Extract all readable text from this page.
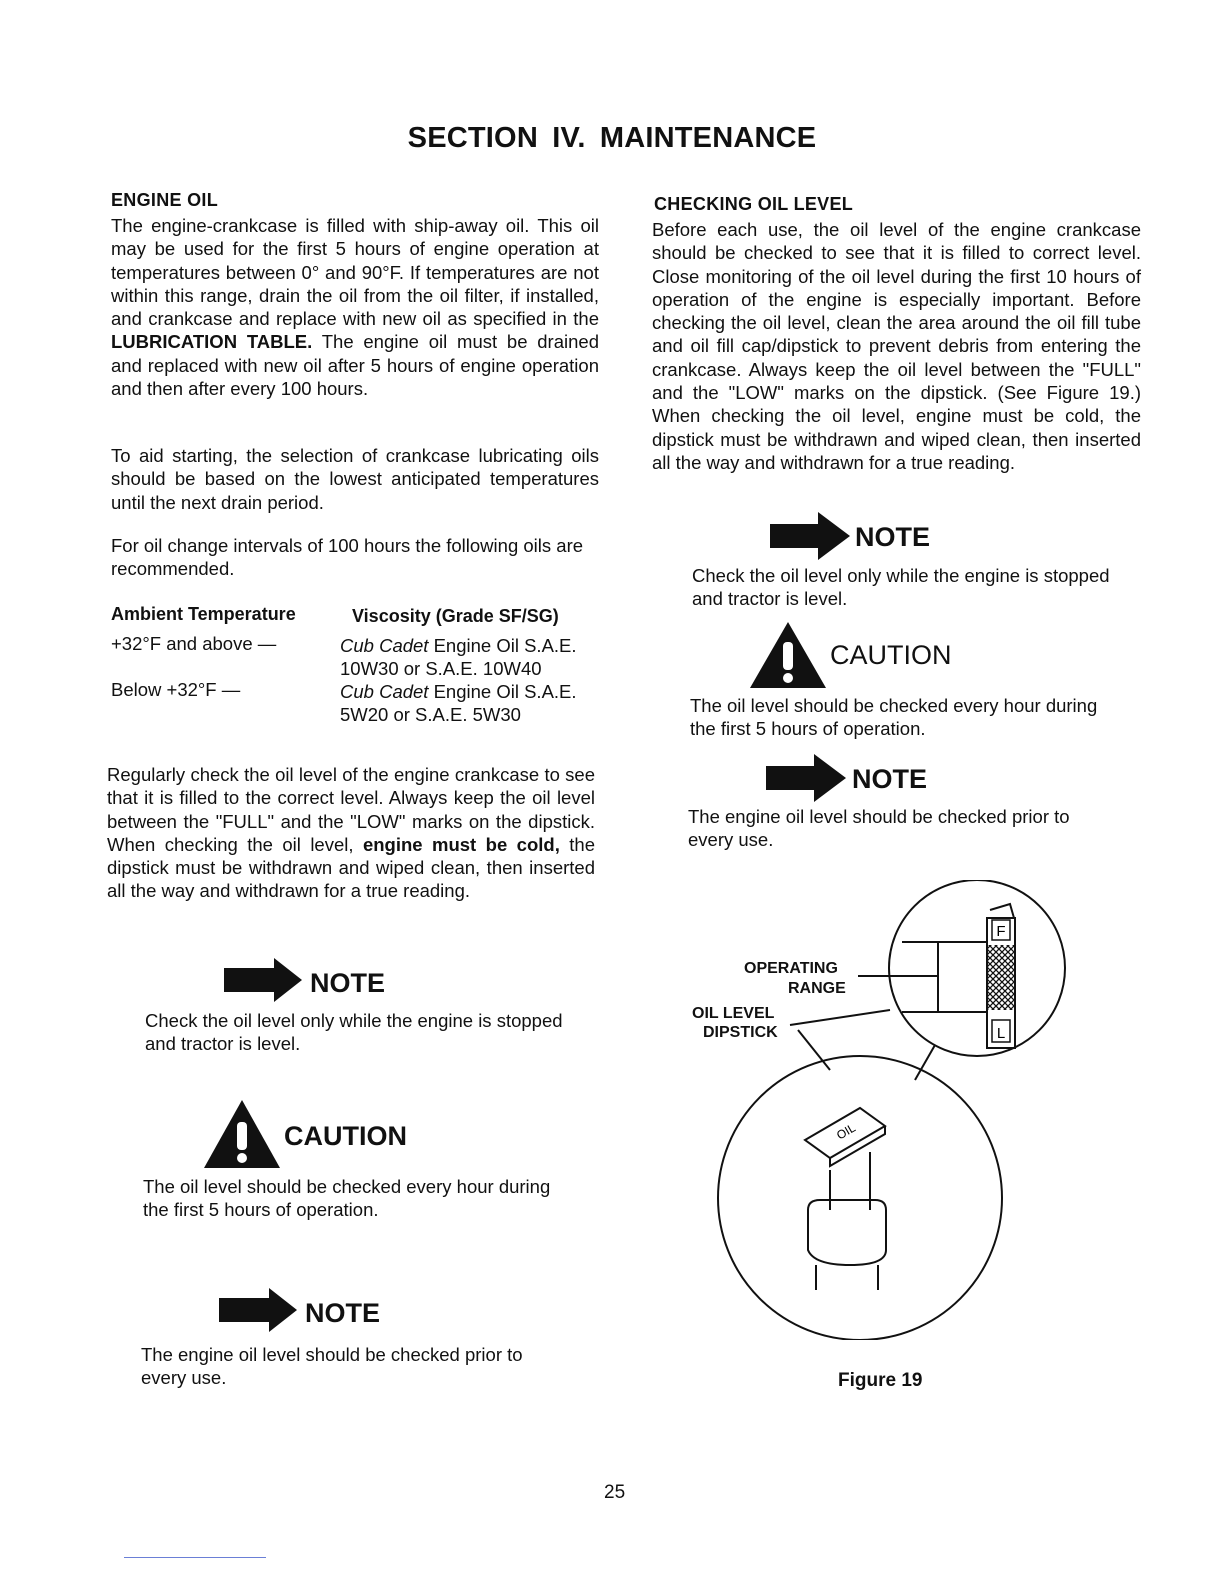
SECTION IV. MAINTENANCE
ENGINE OIL

The engine-crankcase is filled with ship-away oil. This oil may be used for the first 5 hours of engine operation at temperatures between 0° and 90°F. If temperatures are not within this range, drain the oil from the oil filter, if installed, and crankcase and replace with new oil as specified in the LUBRICATION TABLE. The engine oil must be drained and replaced with new oil after 5 hours of engine operation and then after every 100 hours.

To aid starting, the selection of crankcase lubricating oils should be based on the lowest anticipated temperatures until the next drain period.

For oil change intervals of 100 hours the following oils are recommended.

Ambient Temperature	Viscosity (Grade SF/SG)
+32°F and above —	Cub Cadet Engine Oil S.A.E.
10W30 or S.A.E. 10W40
Below +32°F —	Cub Cadet Engine Oil S.A.E.
5W20 or S.A.E. 5W30

Regularly check the oil level of the engine crankcase to see that it is filled to the correct level. Always keep the oil level between the "FULL" and the "LOW" marks on the dipstick. When checking the oil level, engine must be cold, the dipstick must be withdrawn and wiped clean, then inserted all the way and withdrawn for a true reading.

NOTE
Check the oil level only while the engine is stopped and tractor is level.
CAUTION
The oil level should be checked every hour during the first 5 hours of operation.
NOTE
The engine oil level should be checked prior to every use.
CHECKING OIL LEVEL

Before each use, the oil level of the engine crankcase should be checked to see that it is filled to correct level. Close monitoring of the oil level during the first 10 hours of operation of the engine is especially important. Before checking the oil level, clean the area around the oil fill tube and oil fill cap/dipstick to prevent debris from entering the crankcase. Always keep the oil level between the "FULL" and the "LOW" marks on the dipstick. (See Figure 19.) When checking the oil level, engine must be cold, the dipstick must be withdrawn and wiped clean, then inserted all the way and withdrawn for a true reading.

NOTE
Check the oil level only while the engine is stopped and tractor is level.
CAUTION
The oil level should be checked every hour during the first 5 hours of operation.
NOTE
The engine oil level should be checked prior to every use.
F
L
OIL
OPERATING
RANGE
OIL LEVEL
DIPSTICK
Figure 19
25
